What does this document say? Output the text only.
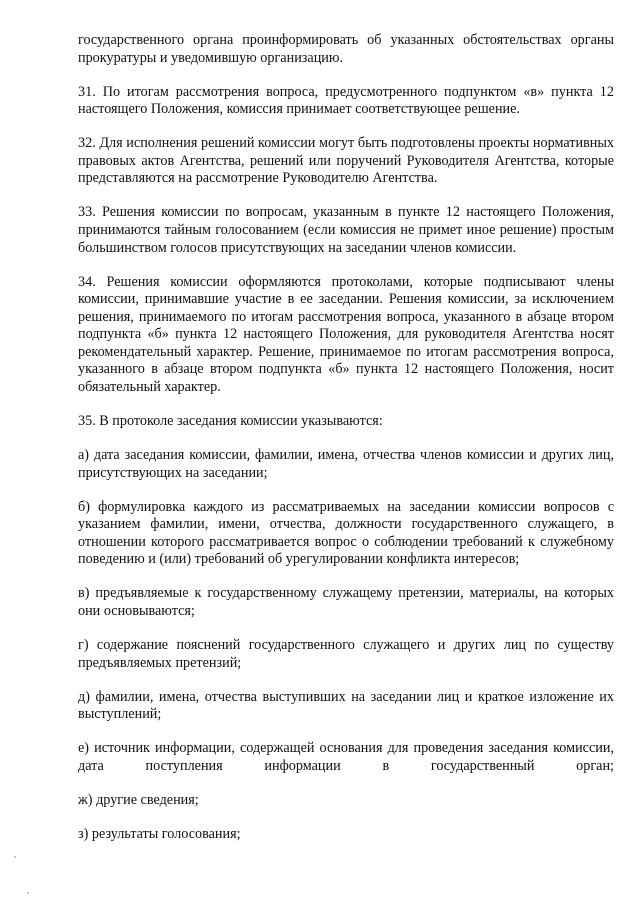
государственного органа проинформировать об указанных обстоятельствах органы прокуратуры и уведомившую организацию.

31. По итогам рассмотрения вопроса, предусмотренного подпунктом «в» пункта 12 настоящего Положения, комиссия принимает соответствующее решение.

32. Для исполнения решений комиссии могут быть подготовлены проекты нормативных правовых актов Агентства, решений или поручений Руководителя Агентства, которые представляются на рассмотрение Руководителю Агентства.

33. Решения комиссии по вопросам, указанным в пункте 12 настоящего Положения, принимаются тайным голосованием (если комиссия не примет иное решение) простым большинством голосов присутствующих на заседании членов комиссии.

34. Решения комиссии оформляются протоколами, которые подписывают члены комиссии, принимавшие участие в ее заседании. Решения комиссии, за исключением решения, принимаемого по итогам рассмотрения вопроса, указанного в абзаце втором подпункта «б» пункта 12 настоящего Положения, для руководителя Агентства носят рекомендательный характер. Решение, принимаемое по итогам рассмотрения вопроса, указанного в абзаце втором подпункта «б» пункта 12 настоящего Положения, носит обязательный характер.

35. В протоколе заседания комиссии указываются:

а) дата заседания комиссии, фамилии, имена, отчества членов комиссии и других лиц, присутствующих на заседании;

б) формулировка каждого из рассматриваемых на заседании комиссии вопросов с указанием фамилии, имени, отчества, должности государственного служащего, в отношении которого рассматривается вопрос о соблюдении требований к служебному поведению и (или) требований об урегулировании конфликта интересов;

в) предъявляемые к государственному служащему претензии, материалы, на которых они основываются;

г) содержание пояснений государственного служащего и других лиц по существу предъявляемых претензий;

д) фамилии, имена, отчества выступивших на заседании лиц и краткое изложение их выступлений;

е) источник информации, содержащей основания для проведения заседания комиссии, дата поступления информации в государственный орган;

ж) другие сведения;

з) результаты голосования;
